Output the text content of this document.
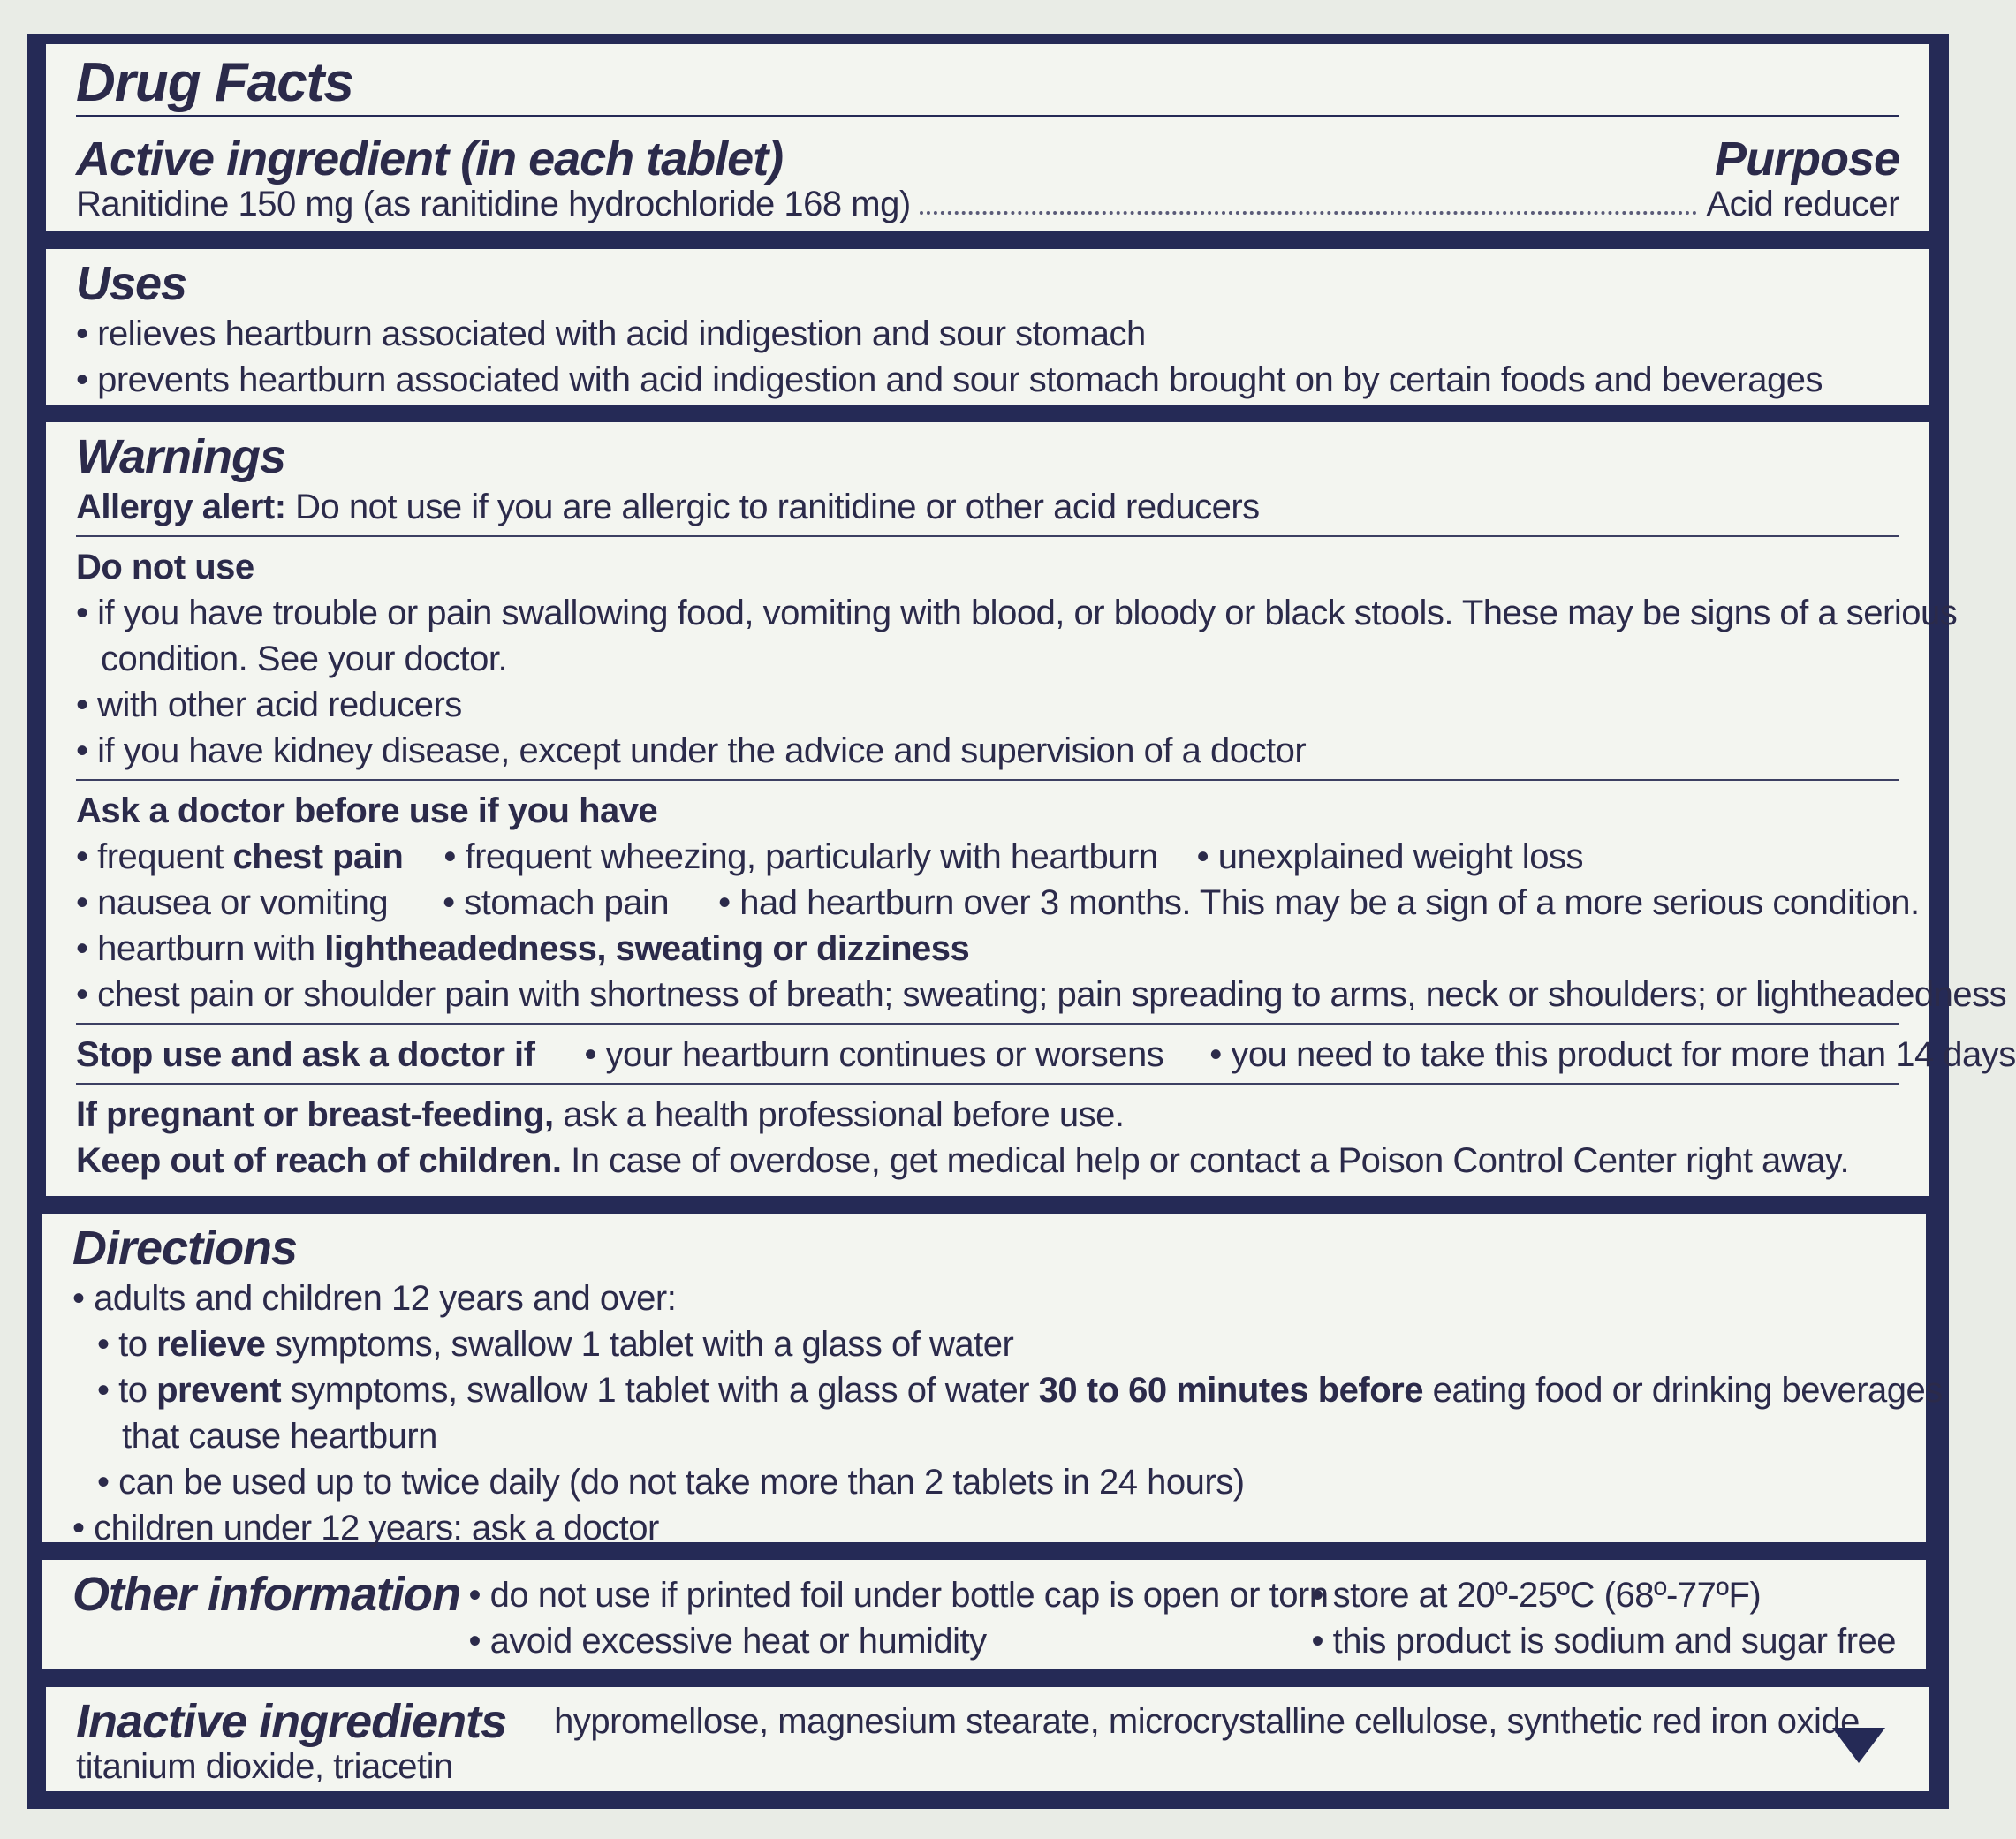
Drug Facts
Active ingredient (in each tablet)	Purpose
Ranitidine 150 mg (as ranitidine hydrochloride 168 mg)	Acid reducer
Uses
• relieves heartburn associated with acid indigestion and sour stomach
• prevents heartburn associated with acid indigestion and sour stomach brought on by certain foods and beverages
Warnings
Allergy alert: Do not use if you are allergic to ranitidine or other acid reducers
Do not use
• if you have trouble or pain swallowing food, vomiting with blood, or bloody or black stools. These may be signs of a serious
condition. See your doctor.
• with other acid reducers
• if you have kidney disease, except under the advice and supervision of a doctor
Ask a doctor before use if you have
• frequent chest pain • frequent wheezing, particularly with heartburn • unexplained weight loss
• nausea or vomiting • stomach pain • had heartburn over 3 months. This may be a sign of a more serious condition.
• heartburn with lightheadedness, sweating or dizziness
• chest pain or shoulder pain with shortness of breath; sweating; pain spreading to arms, neck or shoulders; or lightheadedness
Stop use and ask a doctor if • your heartburn continues or worsens • you need to take this product for more than 14 days
If pregnant or breast-feeding, ask a health professional before use.
Keep out of reach of children. In case of overdose, get medical help or contact a Poison Control Center right away.
Directions
• adults and children 12 years and over:
• to relieve symptoms, swallow 1 tablet with a glass of water
• to prevent symptoms, swallow 1 tablet with a glass of water 30 to 60 minutes before eating food or drinking beverages
that cause heartburn
• can be used up to twice daily (do not take more than 2 tablets in 24 hours)
• children under 12 years: ask a doctor
Other information • do not use if printed foil under bottle cap is open or torn
• avoid excessive heat or humidity
• store at 20º-25ºC (68º-77ºF)
• this product is sodium and sugar free
Inactive ingredients hypromellose, magnesium stearate, microcrystalline cellulose, synthetic red iron oxide,
titanium dioxide, triacetin
